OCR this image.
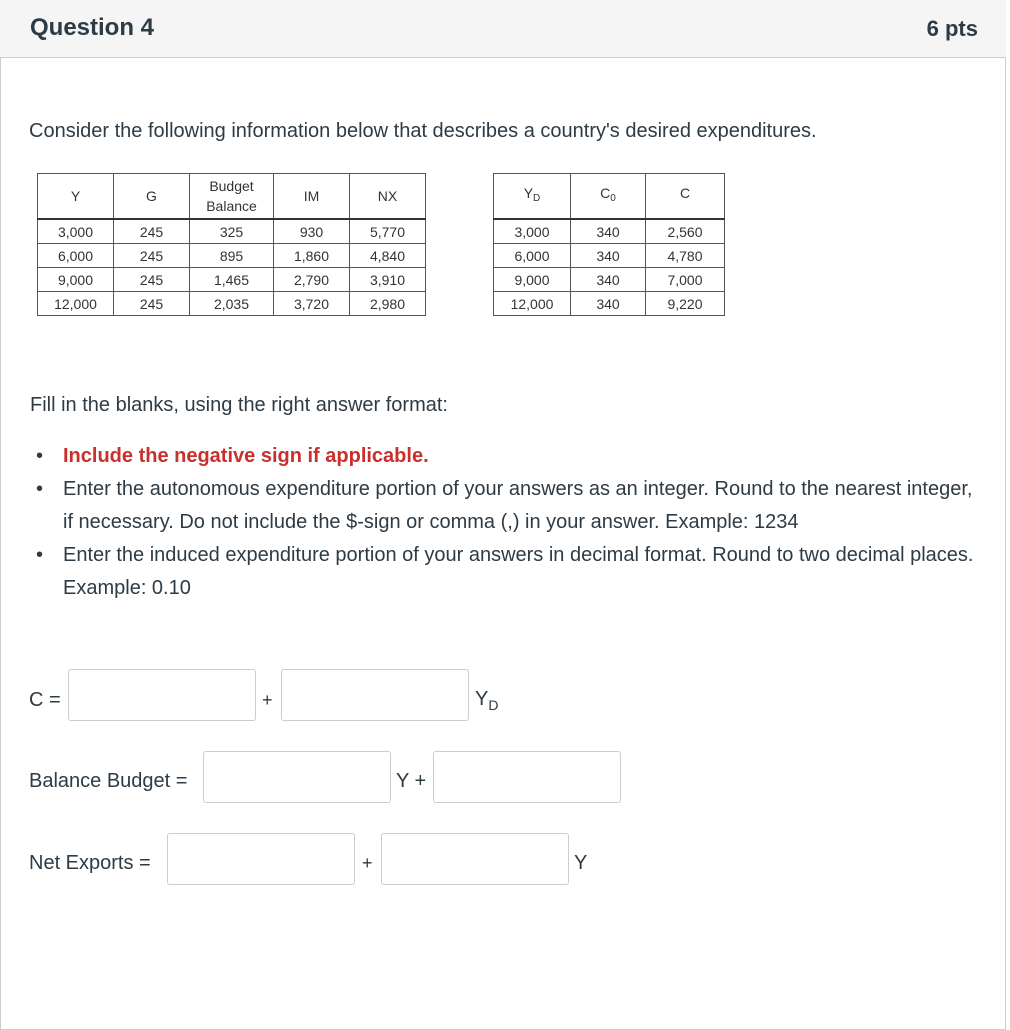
Question 4	6 pts
Consider the following information below that describes a country's desired expenditures.
Y	G	Budget Balance	IM	NX
3,000	245	325	930	5,770
6,000	245	895	1,860	4,840
9,000	245	1,465	2,790	3,910
12,000	245	2,035	3,720	2,980
$Y_D$	$C_0$	C
3,000	340	2,560
6,000	340	4,780
9,000	340	7,000
12,000	340	9,220
Fill in the blanks, using the right answer format:
• Include the negative sign if applicable.
• Enter the autonomous expenditure portion of your answers as an integer. Round to the nearest integer, if necessary. Do not include the $-sign or comma (,) in your answer. Example: 1234
• Enter the induced expenditure portion of your answers in decimal format. Round to two decimal places. Example: 0.10
C =	+	$Y_D$
Balance Budget =	Y +
Net Exports =	+	Y
